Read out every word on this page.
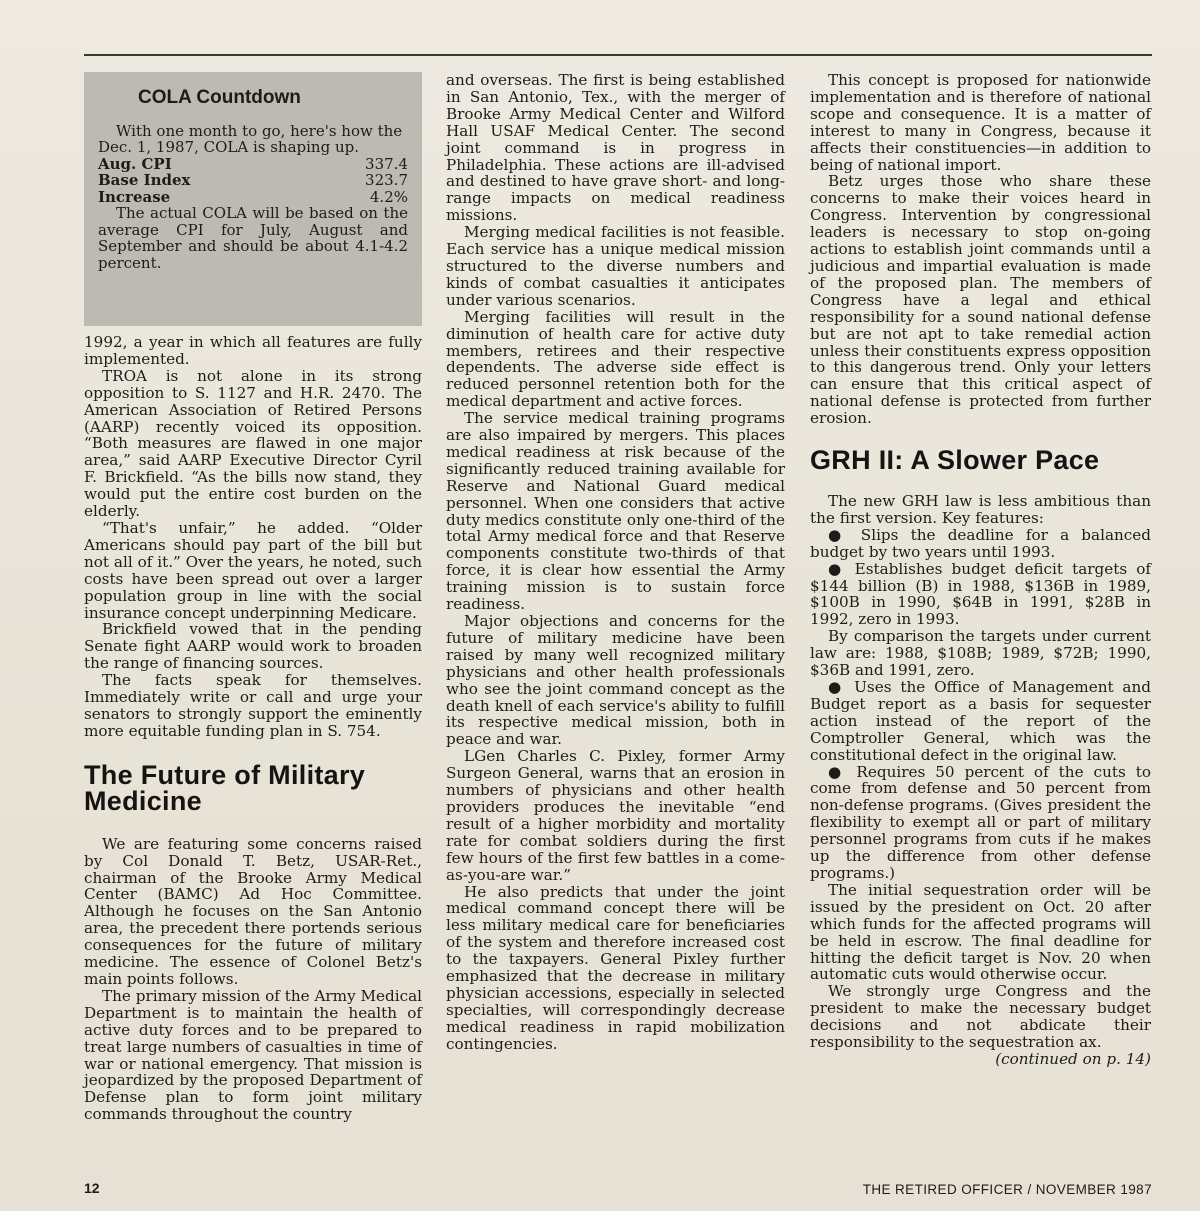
COLA Countdown

With one month to go, here's how the Dec. 1, 1987, COLA is shaping up.

Aug. CPI	337.4
Base Index	323.7
Increase	4.2%

The actual COLA will be based on the average CPI for July, August and September and should be about 4.1-4.2 percent.

1992, a year in which all features are fully implemented.

TROA is not alone in its strong opposition to S. 1127 and H.R. 2470. The American Association of Retired Persons (AARP) recently voiced its opposition. “Both measures are flawed in one major area,” said AARP Executive Director Cyril F. Brickfield. “As the bills now stand, they would put the entire cost burden on the elderly.

“That's unfair,” he added. “Older Americans should pay part of the bill but not all of it.” Over the years, he noted, such costs have been spread out over a larger population group in line with the social insurance concept underpinning Medicare.

Brickfield vowed that in the pending Senate fight AARP would work to broaden the range of financing sources.

The facts speak for themselves. Immediately write or call and urge your senators to strongly support the eminently more equitable funding plan in S. 754.

The Future of Military Medicine

We are featuring some concerns raised by Col Donald T. Betz, USAR-Ret., chairman of the Brooke Army Medical Center (BAMC) Ad Hoc Committee. Although he focuses on the San Antonio area, the precedent there portends serious consequences for the future of military medicine. The essence of Colonel Betz's main points follows.

The primary mission of the Army Medical Department is to maintain the health of active duty forces and to be prepared to treat large numbers of casualties in time of war or national emergency. That mission is jeopardized by the proposed Department of Defense plan to form joint military commands throughout the country

and overseas. The first is being established in San Antonio, Tex., with the merger of Brooke Army Medical Center and Wilford Hall USAF Medical Center. The second joint command is in progress in Philadelphia. These actions are ill-advised and destined to have grave short- and long-range impacts on medical readiness missions.

Merging medical facilities is not feasible. Each service has a unique medical mission structured to the diverse numbers and kinds of combat casualties it anticipates under various scenarios.

Merging facilities will result in the diminution of health care for active duty members, retirees and their respective dependents. The adverse side effect is reduced personnel retention both for the medical department and active forces.

The service medical training programs are also impaired by mergers. This places medical readiness at risk because of the significantly reduced training available for Reserve and National Guard medical personnel. When one considers that active duty medics constitute only one-third of the total Army medical force and that Reserve components constitute two-thirds of that force, it is clear how essential the Army training mission is to sustain force readiness.

Major objections and concerns for the future of military medicine have been raised by many well recognized military physicians and other health professionals who see the joint command concept as the death knell of each service's ability to fulfill its respective medical mission, both in peace and war.

LGen Charles C. Pixley, former Army Surgeon General, warns that an erosion in numbers of physicians and other health providers produces the inevitable “end result of a higher morbidity and mortality rate for combat soldiers during the first few hours of the first few battles in a come-as-you-are war.”

He also predicts that under the joint medical command concept there will be less military medical care for beneficiaries of the system and therefore increased cost to the taxpayers. General Pixley further emphasized that the decrease in military physician accessions, especially in selected specialties, will correspondingly decrease medical readiness in rapid mobilization contingencies.

This concept is proposed for nationwide implementation and is therefore of national scope and consequence. It is a matter of interest to many in Congress, because it affects their constituencies—in addition to being of national import.

Betz urges those who share these concerns to make their voices heard in Congress. Intervention by congressional leaders is necessary to stop on-going actions to establish joint commands until a judicious and impartial evaluation is made of the proposed plan. The members of Congress have a legal and ethical responsibility for a sound national defense but are not apt to take remedial action unless their constituents express opposition to this dangerous trend. Only your letters can ensure that this critical aspect of national defense is protected from further erosion.

GRH II: A Slower Pace

The new GRH law is less ambitious than the first version. Key features:

● Slips the deadline for a balanced budget by two years until 1993.

● Establishes budget deficit targets of $144 billion (B) in 1988, $136B in 1989, $100B in 1990, $64B in 1991, $28B in 1992, zero in 1993.

By comparison the targets under current law are: 1988, $108B; 1989, $72B; 1990, $36B and 1991, zero.

● Uses the Office of Management and Budget report as a basis for sequester action instead of the report of the Comptroller General, which was the constitutional defect in the original law.

● Requires 50 percent of the cuts to come from defense and 50 percent from non-defense programs. (Gives president the flexibility to exempt all or part of military personnel programs from cuts if he makes up the difference from other defense programs.)

The initial sequestration order will be issued by the president on Oct. 20 after which funds for the affected programs will be held in escrow. The final deadline for hitting the deficit target is Nov. 20 when automatic cuts would otherwise occur.

We strongly urge Congress and the president to make the necessary budget decisions and not abdicate their responsibility to the sequestration ax.

(continued on p. 14)

12	THE RETIRED OFFICER / NOVEMBER 1987
